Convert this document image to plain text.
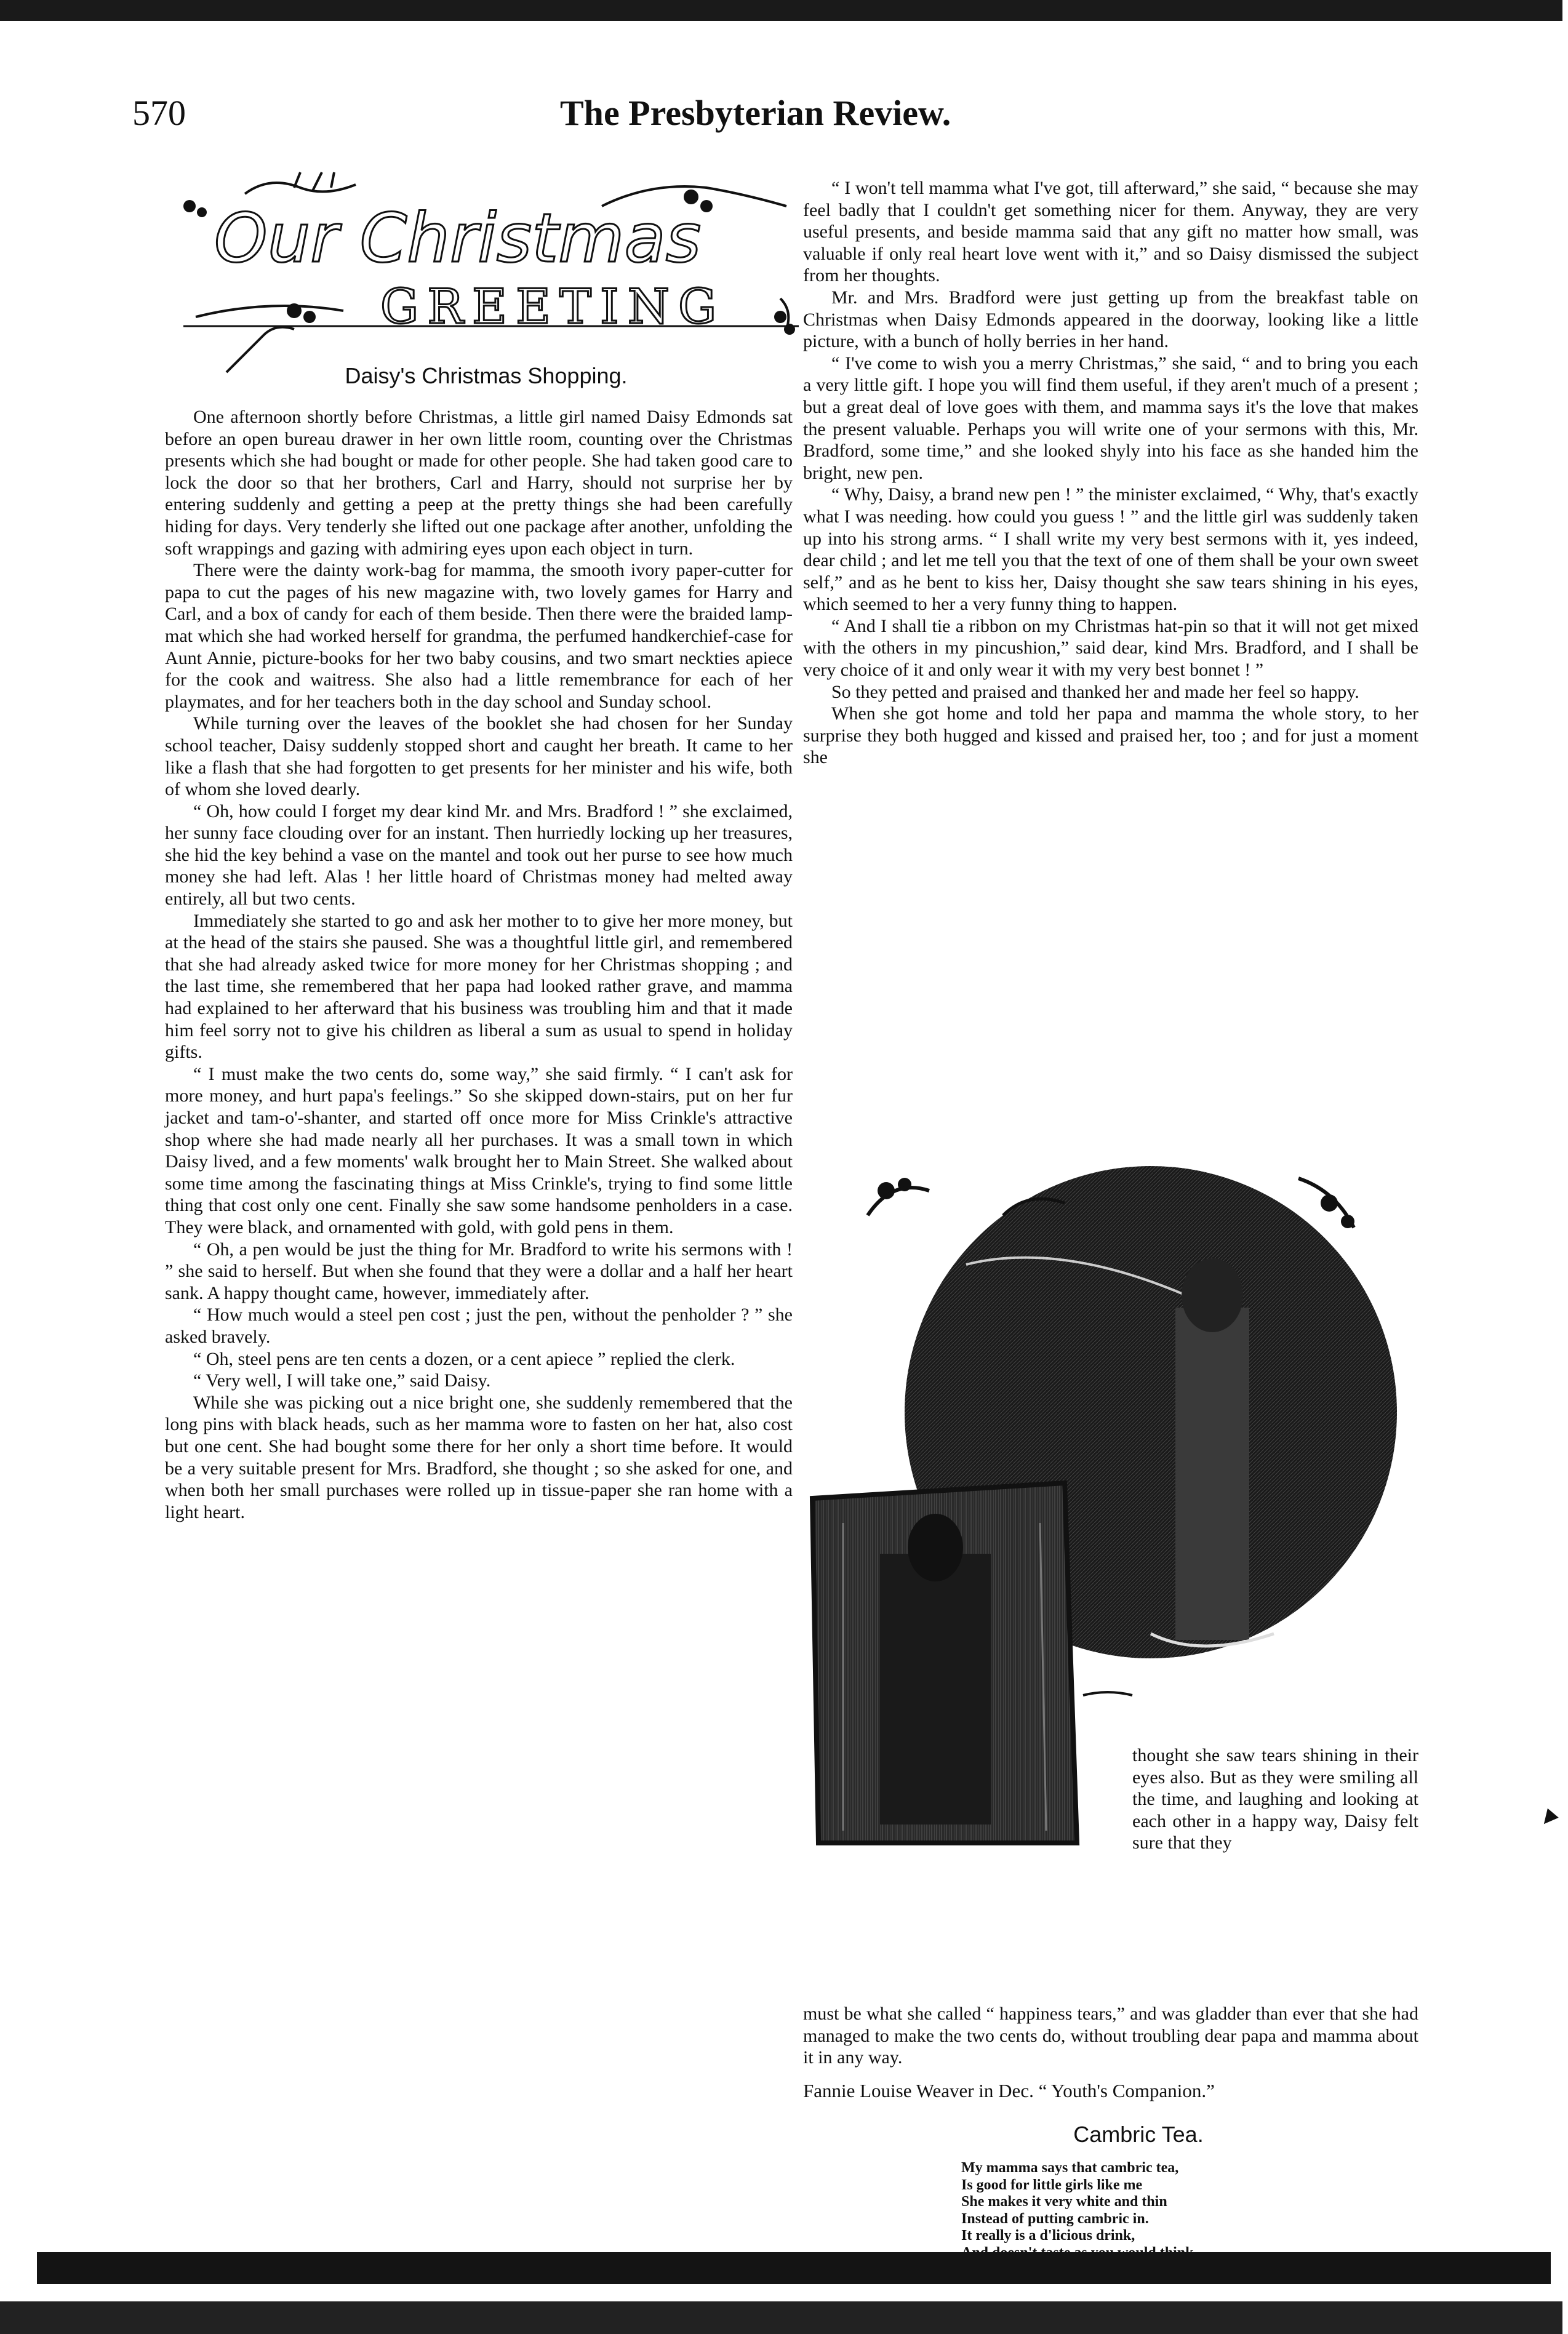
570	The Presbyterian Review.
Our Christmas
GREETING
Daisy's Christmas Shopping.

One afternoon shortly before Christmas, a little girl named Daisy Edmonds sat before an open bureau drawer in her own little room, counting over the Christmas presents which she had bought or made for other people. She had taken good care to lock the door so that her brothers, Carl and Harry, should not surprise her by entering suddenly and getting a peep at the pretty things she had been carefully hiding for days. Very tenderly she lifted out one package after another, unfolding the soft wrappings and gazing with admiring eyes upon each object in turn.

There were the dainty work-bag for mamma, the smooth ivory paper-cutter for papa to cut the pages of his new magazine with, two lovely games for Harry and Carl, and a box of candy for each of them beside. Then there were the braided lamp-mat which she had worked herself for grandma, the perfumed handkerchief-case for Aunt Annie, picture-books for her two baby cousins, and two smart neckties apiece for the cook and waitress. She also had a little remembrance for each of her playmates, and for her teachers both in the day school and Sunday school.

While turning over the leaves of the booklet she had chosen for her Sunday school teacher, Daisy suddenly stopped short and caught her breath. It came to her like a flash that she had forgotten to get presents for her minister and his wife, both of whom she loved dearly.

“ Oh, how could I forget my dear kind Mr. and Mrs. Bradford ! ” she exclaimed, her sunny face clouding over for an instant. Then hurriedly locking up her treasures, she hid the key behind a vase on the mantel and took out her purse to see how much money she had left. Alas ! her little hoard of Christmas money had melted away entirely, all but two cents.

Immediately she started to go and ask her mother to to give her more money, but at the head of the stairs she paused. She was a thoughtful little girl, and remembered that she had already asked twice for more money for her Christmas shopping ; and the last time, she remembered that her papa had looked rather grave, and mamma had explained to her afterward that his business was troubling him and that it made him feel sorry not to give his children as liberal a sum as usual to spend in holiday gifts.

“ I must make the two cents do, some way,” she said firmly. “ I can't ask for more money, and hurt papa's feelings.” So she skipped down-stairs, put on her fur jacket and tam-o'-shanter, and started off once more for Miss Crinkle's attractive shop where she had made nearly all her purchases. It was a small town in which Daisy lived, and a few moments' walk brought her to Main Street. She walked about some time among the fascinating things at Miss Crinkle's, trying to find some little thing that cost only one cent. Finally she saw some handsome penholders in a case. They were black, and ornamented with gold, with gold pens in them.

“ Oh, a pen would be just the thing for Mr. Bradford to write his sermons with ! ” she said to herself. But when she found that they were a dollar and a half her heart sank. A happy thought came, however, immediately after.

“ How much would a steel pen cost ; just the pen, without the penholder ? ” she asked bravely.

“ Oh, steel pens are ten cents a dozen, or a cent apiece ” replied the clerk.

“ Very well, I will take one,” said Daisy.

While she was picking out a nice bright one, she suddenly remembered that the long pins with black heads, such as her mamma wore to fasten on her hat, also cost but one cent. She had bought some there for her only a short time before. It would be a very suitable present for Mrs. Bradford, she thought ; so she asked for one, and when both her small purchases were rolled up in tissue-paper she ran home with a light heart.

“ I won't tell mamma what I've got, till afterward,” she said, “ because she may feel badly that I couldn't get something nicer for them. Anyway, they are very useful presents, and beside mamma said that any gift no matter how small, was valuable if only real heart love went with it,” and so Daisy dismissed the subject from her thoughts.

Mr. and Mrs. Bradford were just getting up from the breakfast table on Christmas when Daisy Edmonds appeared in the doorway, looking like a little picture, with a bunch of holly berries in her hand.

“ I've come to wish you a merry Christmas,” she said, “ and to bring you each a very little gift. I hope you will find them useful, if they aren't much of a present ; but a great deal of love goes with them, and mamma says it's the love that makes the present valuable. Perhaps you will write one of your sermons with this, Mr. Bradford, some time,” and she looked shyly into his face as she handed him the bright, new pen.

“ Why, Daisy, a brand new pen ! ” the minister exclaimed, “ Why, that's exactly what I was needing. how could you guess ! ” and the little girl was suddenly taken up into his strong arms. “ I shall write my very best sermons with it, yes indeed, dear child ; and let me tell you that the text of one of them shall be your own sweet self,” and as he bent to kiss her, Daisy thought she saw tears shining in his eyes, which seemed to her a very funny thing to happen.

“ And I shall tie a ribbon on my Christmas hat-pin so that it will not get mixed with the others in my pincushion,” said dear, kind Mrs. Bradford, and I shall be very choice of it and only wear it with my very best bonnet ! ”

So they petted and praised and thanked her and made her feel so happy.

When she got home and told her papa and mamma the whole story, to her surprise they both hugged and kissed and praised her, too ; and for just a moment she

thought she saw tears shining in their eyes also. But as they were smiling all the time, and laughing and looking at each other in a happy way, Daisy felt sure that they

must be what she called “ happiness tears,” and was gladder than ever that she had managed to make the two cents do, without troubling dear papa and mamma about it in any way.

Fannie Louise Weaver in Dec. “ Youth's Companion.”
Cambric Tea.
My mamma says that cambric tea,
Is good for little girls like me
She makes it very white and thin
Instead of putting cambric in.
It really is a d'licious drink,
▼
